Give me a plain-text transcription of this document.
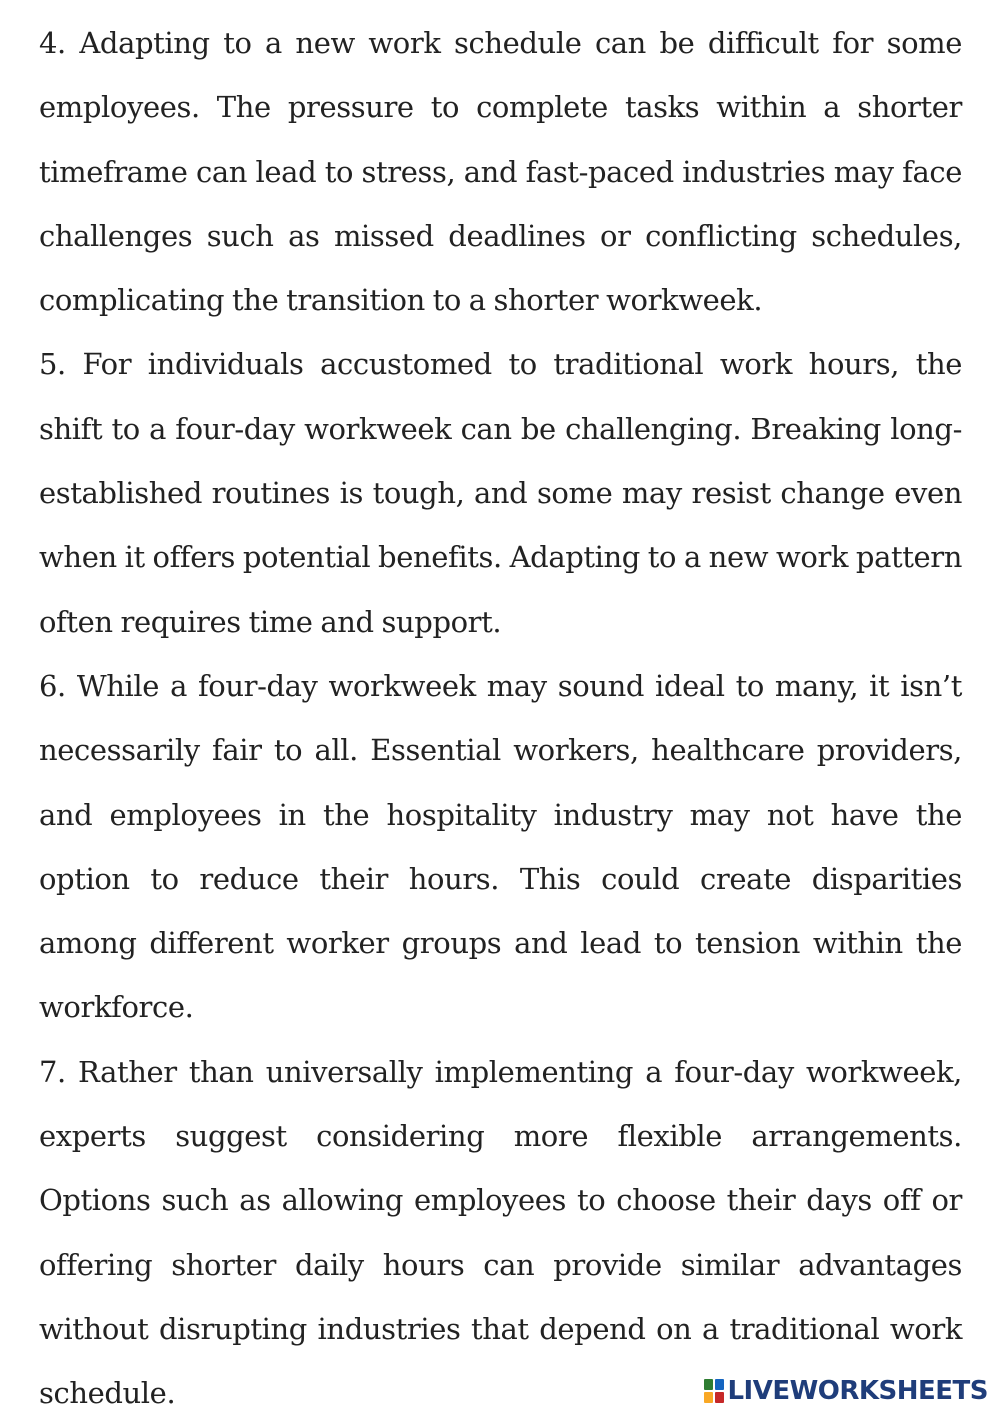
4. Adapting to a new work schedule can be difficult for some employees. The pressure to complete tasks within a shorter timeframe can lead to stress, and fast-paced industries may face challenges such as missed deadlines or conflicting schedules, complicating the transition to a shorter workweek.

5. For individuals accustomed to traditional work hours, the shift to a four-day workweek can be challenging. Breaking long-established routines is tough, and some may resist change even when it offers potential benefits. Adapting to a new work pattern often requires time and support.

6. While a four-day workweek may sound ideal to many, it isn’t necessarily fair to all. Essential workers, healthcare providers, and employees in the hospitality industry may not have the option to reduce their hours. This could create disparities among different worker groups and lead to tension within the workforce.

7. Rather than universally implementing a four-day workweek, experts suggest considering more flexible arrangements. Options such as allowing employees to choose their days off or offering shorter daily hours can provide similar advantages without disrupting industries that depend on a traditional work schedule.	LIVEWORKSHEETS
